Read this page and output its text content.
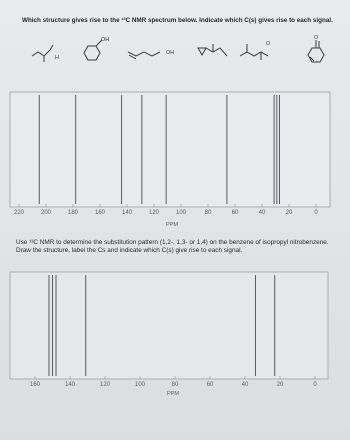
Which structure gives rise to the ¹³C NMR spectrum below. Indicate which C(s) gives rise to each signal.
H
OH
OH
O
O
220	200	180	160	140	120	100	80	60	40	20	0
PPM
160	140	120	100	80	60	40	20	0
PPM
Use ¹³C NMR to determine the substitution pattern (1,2-, 1,3- or 1,4) on the benzene of isopropyl nitrobenzene. Draw the structure, label the Cs and indicate which C(s) give rise to each signal.
